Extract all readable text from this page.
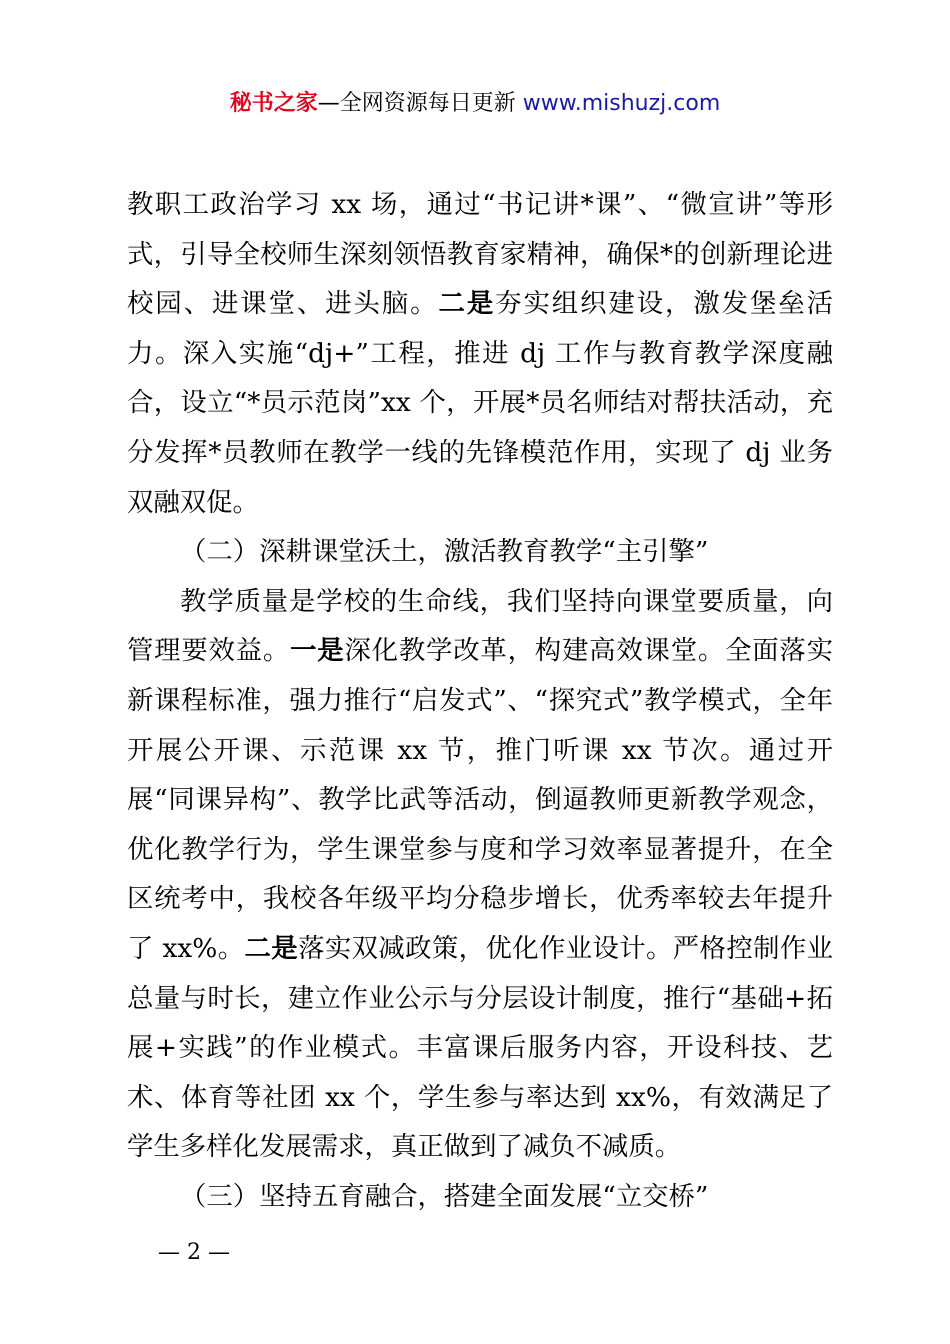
秘书之家—全网资源每日更新 www.mishuzj.com

教职工政治学习 xx 场，通过“书记讲*课”、“微宣讲”等形式，引导全校师生深刻领悟教育家精神，确保*的创新理论进校园、进课堂、进头脑。二是夯实组织建设，激发堡垒活力。深入实施“dj+”工程，推进 dj 工作与教育教学深度融合，设立“*员示范岗”xx 个，开展*员名师结对帮扶活动，充分发挥*员教师在教学一线的先锋模范作用，实现了 dj 业务双融双促。

（二）深耕课堂沃土，激活教育教学“主引擎”

教学质量是学校的生命线，我们坚持向课堂要质量，向管理要效益。一是深化教学改革，构建高效课堂。全面落实新课程标准，强力推行“启发式”、“探究式”教学模式，全年开展公开课、示范课 xx 节，推门听课 xx 节次。通过开展“同课异构”、教学比武等活动，倒逼教师更新教学观念，优化教学行为，学生课堂参与度和学习效率显著提升，在全区统考中，我校各年级平均分稳步增长，优秀率较去年提升了 xx%。二是落实双减政策，优化作业设计。严格控制作业总量与时长，建立作业公示与分层设计制度，推行“基础+拓展+实践”的作业模式。丰富课后服务内容，开设科技、艺术、体育等社团 xx 个，学生参与率达到 xx%，有效满足了学生多样化发展需求，真正做到了减负不减质。

（三）坚持五育融合，搭建全面发展“立交桥”

— 2 —
